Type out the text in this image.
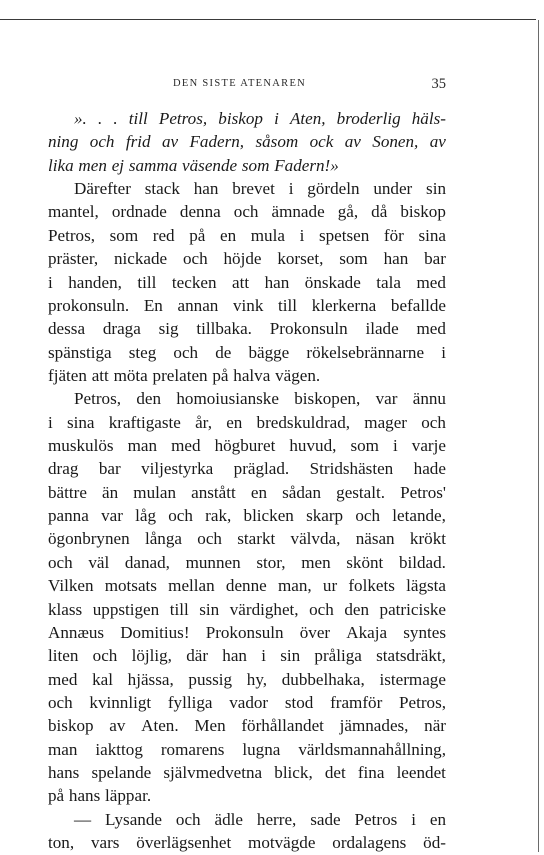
DEN SISTE ATENAREN	35
». . . till Petros, biskop i Aten, broderlig häls-
ning och frid av Fadern, såsom ock av Sonen, av
lika men ej samma väsende som Fadern!»
Därefter stack han brevet i gördeln under sin
mantel, ordnade denna och ämnade gå, då biskop
Petros, som red på en mula i spetsen för sina
präster, nickade och höjde korset, som han bar
i handen, till tecken att han önskade tala med
prokonsuln. En annan vink till klerkerna befallde
dessa draga sig tillbaka. Prokonsuln ilade med
spänstiga steg och de bägge rökelsebrännarne i
fjäten att möta prelaten på halva vägen.
Petros, den homoiusianske biskopen, var ännu
i sina kraftigaste år, en bredskuldrad, mager och
muskulös man med högburet huvud, som i varje
drag bar viljestyrka präglad. Stridshästen hade
bättre än mulan anstått en sådan gestalt. Petros'
panna var låg och rak, blicken skarp och letande,
ögonbrynen långa och starkt välvda, näsan krökt
och väl danad, munnen stor, men skönt bildad.
Vilken motsats mellan denne man, ur folkets lägsta
klass uppstigen till sin värdighet, och den patriciske
Annæus Domitius! Prokonsuln över Akaja syntes
liten och löjlig, där han i sin pråliga statsdräkt,
med kal hjässa, pussig hy, dubbelhaka, istermage
och kvinnligt fylliga vador stod framför Petros,
biskop av Aten. Men förhållandet jämnades, när
man iakttog romarens lugna världsmannahållning,
hans spelande självmedvetna blick, det fina leendet
på hans läppar.
— Lysande och ädle herre, sade Petros i en
ton, vars överlägsenhet motvägde ordalagens öd-
